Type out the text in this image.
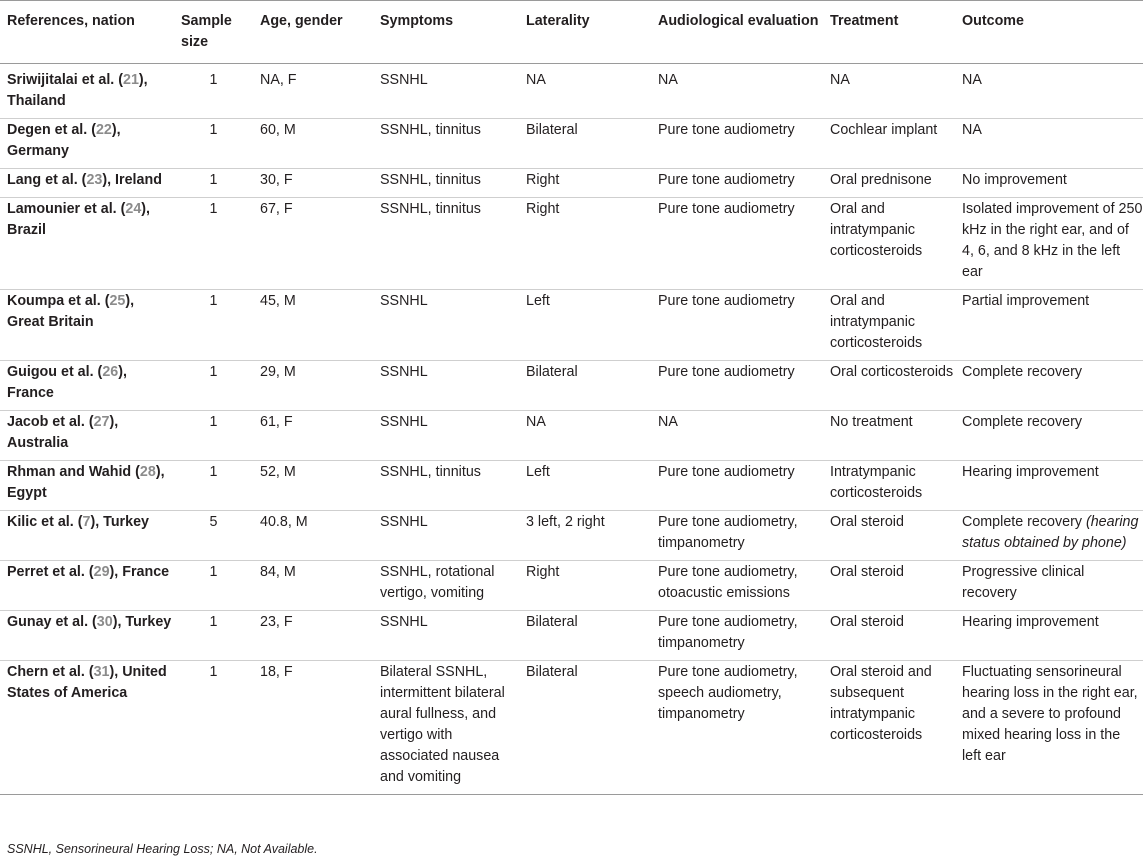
References, nation	Sample size	Age, gender	Symptoms	Laterality	Audiological evaluation	Treatment	Outcome
Sriwijitalai et al. (21), Thailand	1	NA, F	SSNHL	NA	NA	NA	NA
Degen et al. (22), Germany	1	60, M	SSNHL, tinnitus	Bilateral	Pure tone audiometry	Cochlear implant	NA
Lang et al. (23), Ireland	1	30, F	SSNHL, tinnitus	Right	Pure tone audiometry	Oral prednisone	No improvement
Lamounier et al. (24), Brazil	1	67, F	SSNHL, tinnitus	Right	Pure tone audiometry	Oral and intratympanic corticosteroids	Isolated improvement of 250 kHz in the right ear, and of 4, 6, and 8 kHz in the left ear
Koumpa et al. (25), Great Britain	1	45, M	SSNHL	Left	Pure tone audiometry	Oral and intratympanic corticosteroids	Partial improvement
Guigou et al. (26), France	1	29, M	SSNHL	Bilateral	Pure tone audiometry	Oral corticosteroids	Complete recovery
Jacob et al. (27), Australia	1	61, F	SSNHL	NA	NA	No treatment	Complete recovery
Rhman and Wahid (28), Egypt	1	52, M	SSNHL, tinnitus	Left	Pure tone audiometry	Intratympanic corticosteroids	Hearing improvement
Kilic et al. (7), Turkey	5	40.8, M	SSNHL	3 left, 2 right	Pure tone audiometry, timpanometry	Oral steroid	Complete recovery (hearing status obtained by phone)
Perret et al. (29), France	1	84, M	SSNHL, rotational vertigo, vomiting	Right	Pure tone audiometry, otoacustic emissions	Oral steroid	Progressive clinical recovery
Gunay et al. (30), Turkey	1	23, F	SSNHL	Bilateral	Pure tone audiometry, timpanometry	Oral steroid	Hearing improvement
Chern et al. (31), United States of America	1	18, F	Bilateral SSNHL, intermittent bilateral aural fullness, and vertigo with associated nausea and vomiting	Bilateral	Pure tone audiometry, speech audiometry, timpanometry	Oral steroid and subsequent intratympanic corticosteroids	Fluctuating sensorineural hearing loss in the right ear, and a severe to profound mixed hearing loss in the left ear
SSNHL, Sensorineural Hearing Loss; NA, Not Available.
